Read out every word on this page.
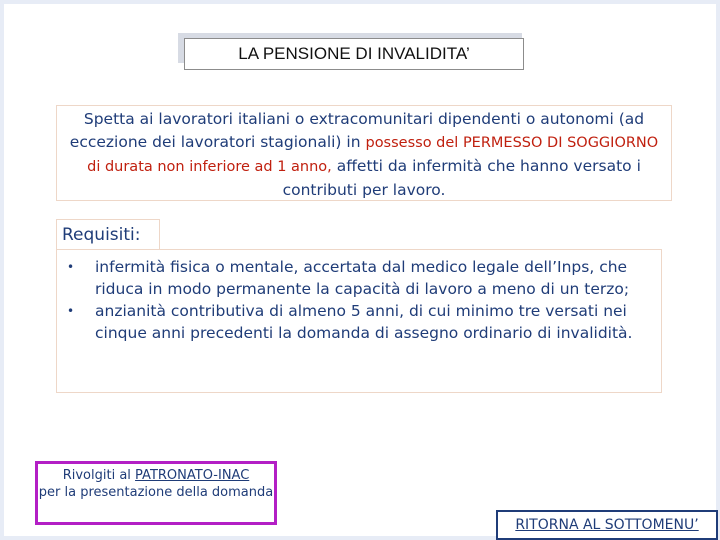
LA PENSIONE DI INVALIDITA’
Spetta ai lavoratori italiani o extracomunitari dipendenti o autonomi (ad eccezione dei lavoratori stagionali) in possesso del PERMESSO DI SOGGIORNO di durata non inferiore ad 1 anno, affetti da infermità che hanno versato i contributi per lavoro.
Requisiti:
• infermità fisica o mentale, accertata dal medico legale dell’Inps, che riduca in modo permanente la capacità di lavoro a meno di un terzo;
• anzianità contributiva di almeno 5 anni, di cui minimo tre versati nei cinque anni precedenti la domanda di assegno ordinario di invalidità.
Rivolgiti al PATRONATO-INAC
per la presentazione della domanda
RITORNA AL SOTTOMENU’
